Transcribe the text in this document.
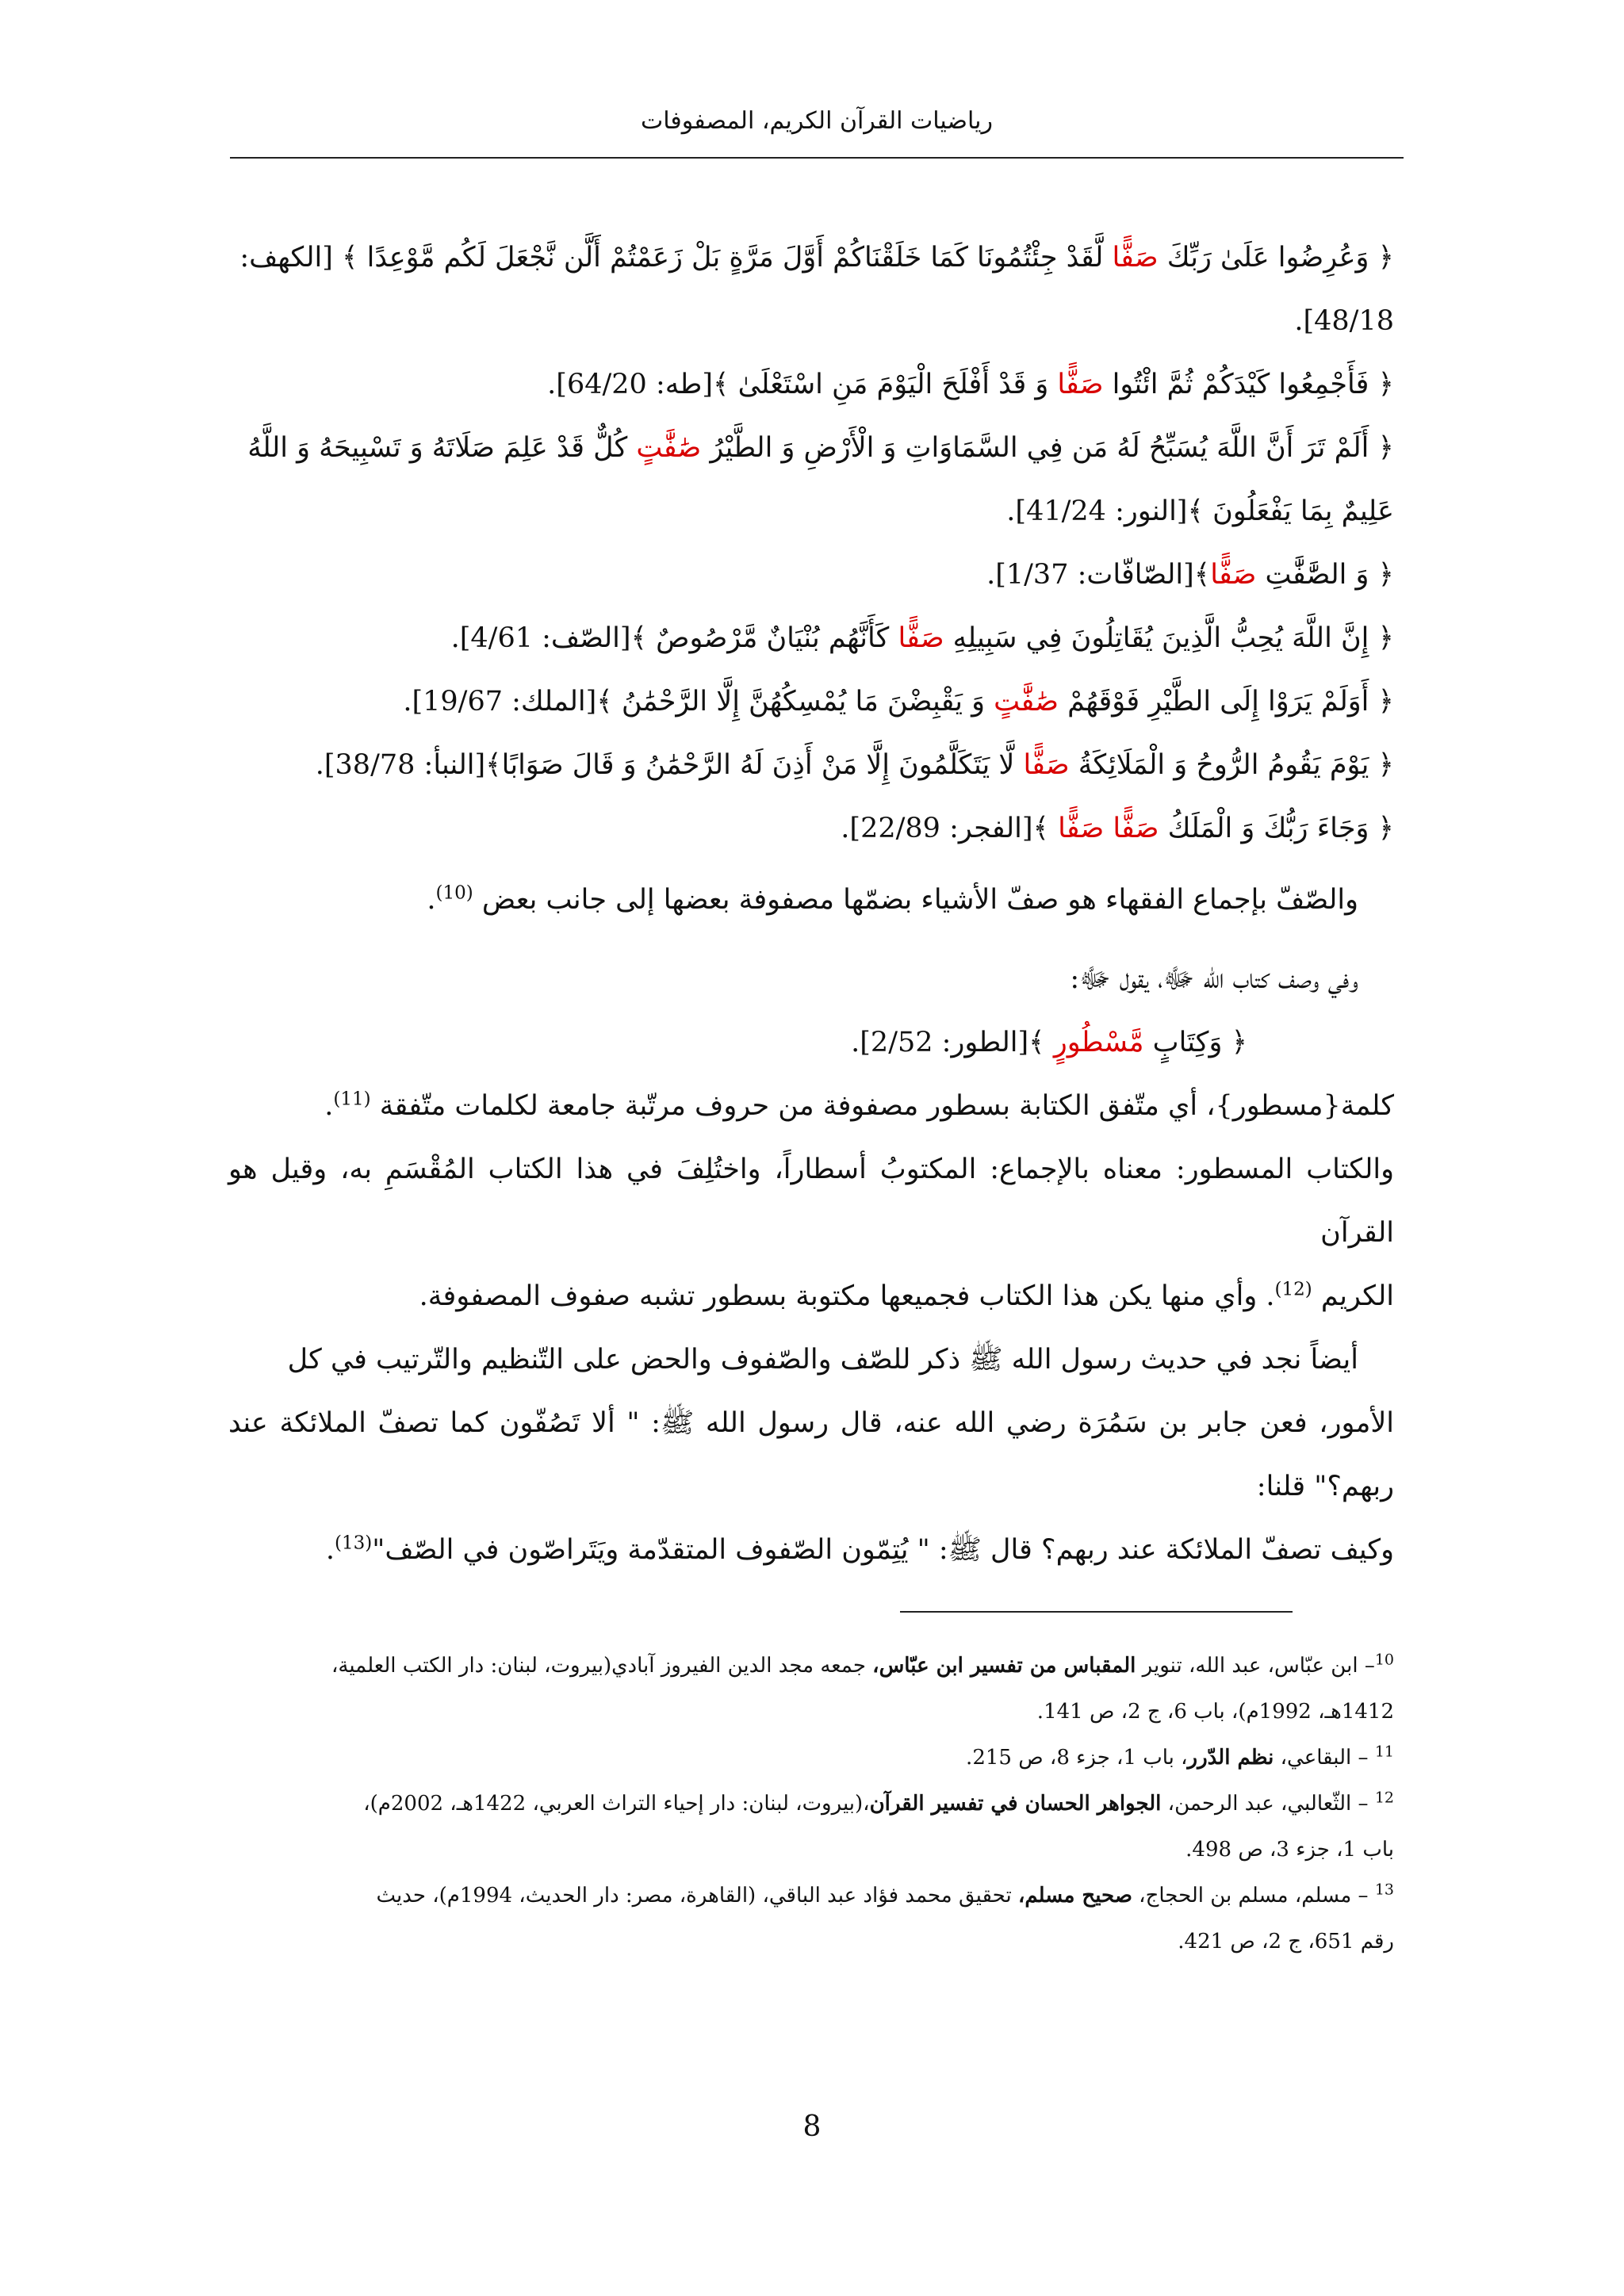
رياضيات القرآن الكريم، المصفوفات
﴿ وَعُرِضُوا عَلَىٰ رَبِّكَ صَفًّا لَّقَدْ جِئْتُمُونَا كَمَا خَلَقْنَاكُمْ أَوَّلَ مَرَّةٍ بَلْ زَعَمْتُمْ أَلَّن نَّجْعَلَ لَكُم مَّوْعِدًا ﴾ [الكهف:
48/18].
﴿ فَأَجْمِعُوا كَيْدَكُمْ ثُمَّ ائْتُوا صَفًّا وَ قَدْ أَفْلَحَ الْيَوْمَ مَنِ اسْتَعْلَىٰ ﴾[طه: 64/20].
﴿ أَلَمْ تَرَ أَنَّ اللَّهَ يُسَبِّحُ لَهُ مَن فِي السَّمَاوَاتِ وَ الْأَرْضِ وَ الطَّيْرُ صَٰفَّٰتٍ كُلٌّ قَدْ عَلِمَ صَلَاتَهُ وَ تَسْبِيحَهُ وَ اللَّهُ
عَلِيمٌ بِمَا يَفْعَلُونَ ﴾[النور: 41/24].
﴿ وَ الصَّٰفَّٰتِ صَفًّا﴾[الصّافّات: 1/37].
﴿ إِنَّ اللَّهَ يُحِبُّ الَّذِينَ يُقَاتِلُونَ فِي سَبِيلِهِ صَفًّا كَأَنَّهُم بُنْيَانٌ مَّرْصُوصٌ ﴾[الصّف: 4/61].
﴿ أَوَلَمْ يَرَوْا إِلَى الطَّيْرِ فَوْقَهُمْ صَٰفَّٰتٍ وَ يَقْبِضْنَ مَا يُمْسِكُهُنَّ إِلَّا الرَّحْمَٰنُ ﴾[الملك: 19/67].
﴿ يَوْمَ يَقُومُ الرُّوحُ وَ الْمَلَائِكَةُ صَفًّا لَّا يَتَكَلَّمُونَ إِلَّا مَنْ أَذِنَ لَهُ الرَّحْمَٰنُ وَ قَالَ صَوَابًا﴾[النبأ: 38/78].
﴿ وَجَاءَ رَبُّكَ وَ الْمَلَكُ صَفًّا صَفًّا ﴾[الفجر: 22/89].
والصّفّ بإجماع الفقهاء هو صفّ الأشياء بضمّها مصفوفة بعضها إلى جانب بعض $^{(10)}$.
وفي وصف كتاب الله ﷻ، يقول ﷻ:
﴿ وَكِتَابٍ مَّسْطُورٍ ﴾[الطور: 2/52].
كلمة{مسطور}، أي متّفق الكتابة بسطور مصفوفة من حروف مرتّبة جامعة لكلمات متّفقة $^{(11)}$.
والكتاب المسطور: معناه بالإجماع: المكتوبُ أسطاراً، واختُلِفَ في هذا الكتاب المُقْسَمِ به، وقيل هو القرآن
الكريم $^{(12)}$. وأي منها يكن هذا الكتاب فجميعها مكتوبة بسطور تشبه صفوف المصفوفة.
أيضاً نجد في حديث رسول الله ﷺ ذكر للصّف والصّفوف والحض على التّنظيم والتّرتيب في كل
الأمور، فعن جابر بن سَمُرَة رضي الله عنه، قال رسول الله ﷺ: " ألا تَصُفّون كما تصفّ الملائكة عند ربهم؟" قلنا:
وكيف تصفّ الملائكة عند ربهم؟ قال ﷺ: " يُتِمّون الصّفوف المتقدّمة ويَتَراصّون في الصّف"$^{(13)}$.
$^{10}$– ابن عبّاس، عبد الله، تنوير المقباس من تفسير ابن عبّاس، جمعه مجد الدين الفيروز آبادي(بيروت، لبنان: دار الكتب العلمية،
1412هـ، 1992م)، باب 6، ج 2، ص 141.
$^{11}$ – البقاعي، نظم الدّرر، باب 1، جزء 8، ص 215.
$^{12}$ – الثّعالبي، عبد الرحمن، الجواهر الحسان في تفسير القرآن،(بيروت، لبنان: دار إحياء التراث العربي، 1422هـ، 2002م)،
باب 1، جزء 3، ص 498.
$^{13}$ – مسلم، مسلم بن الحجاج، صحيح مسلم، تحقيق محمد فؤاد عبد الباقي، (القاهرة، مصر: دار الحديث، 1994م)، حديث
رقم 651، ج 2، ص 421.
8
